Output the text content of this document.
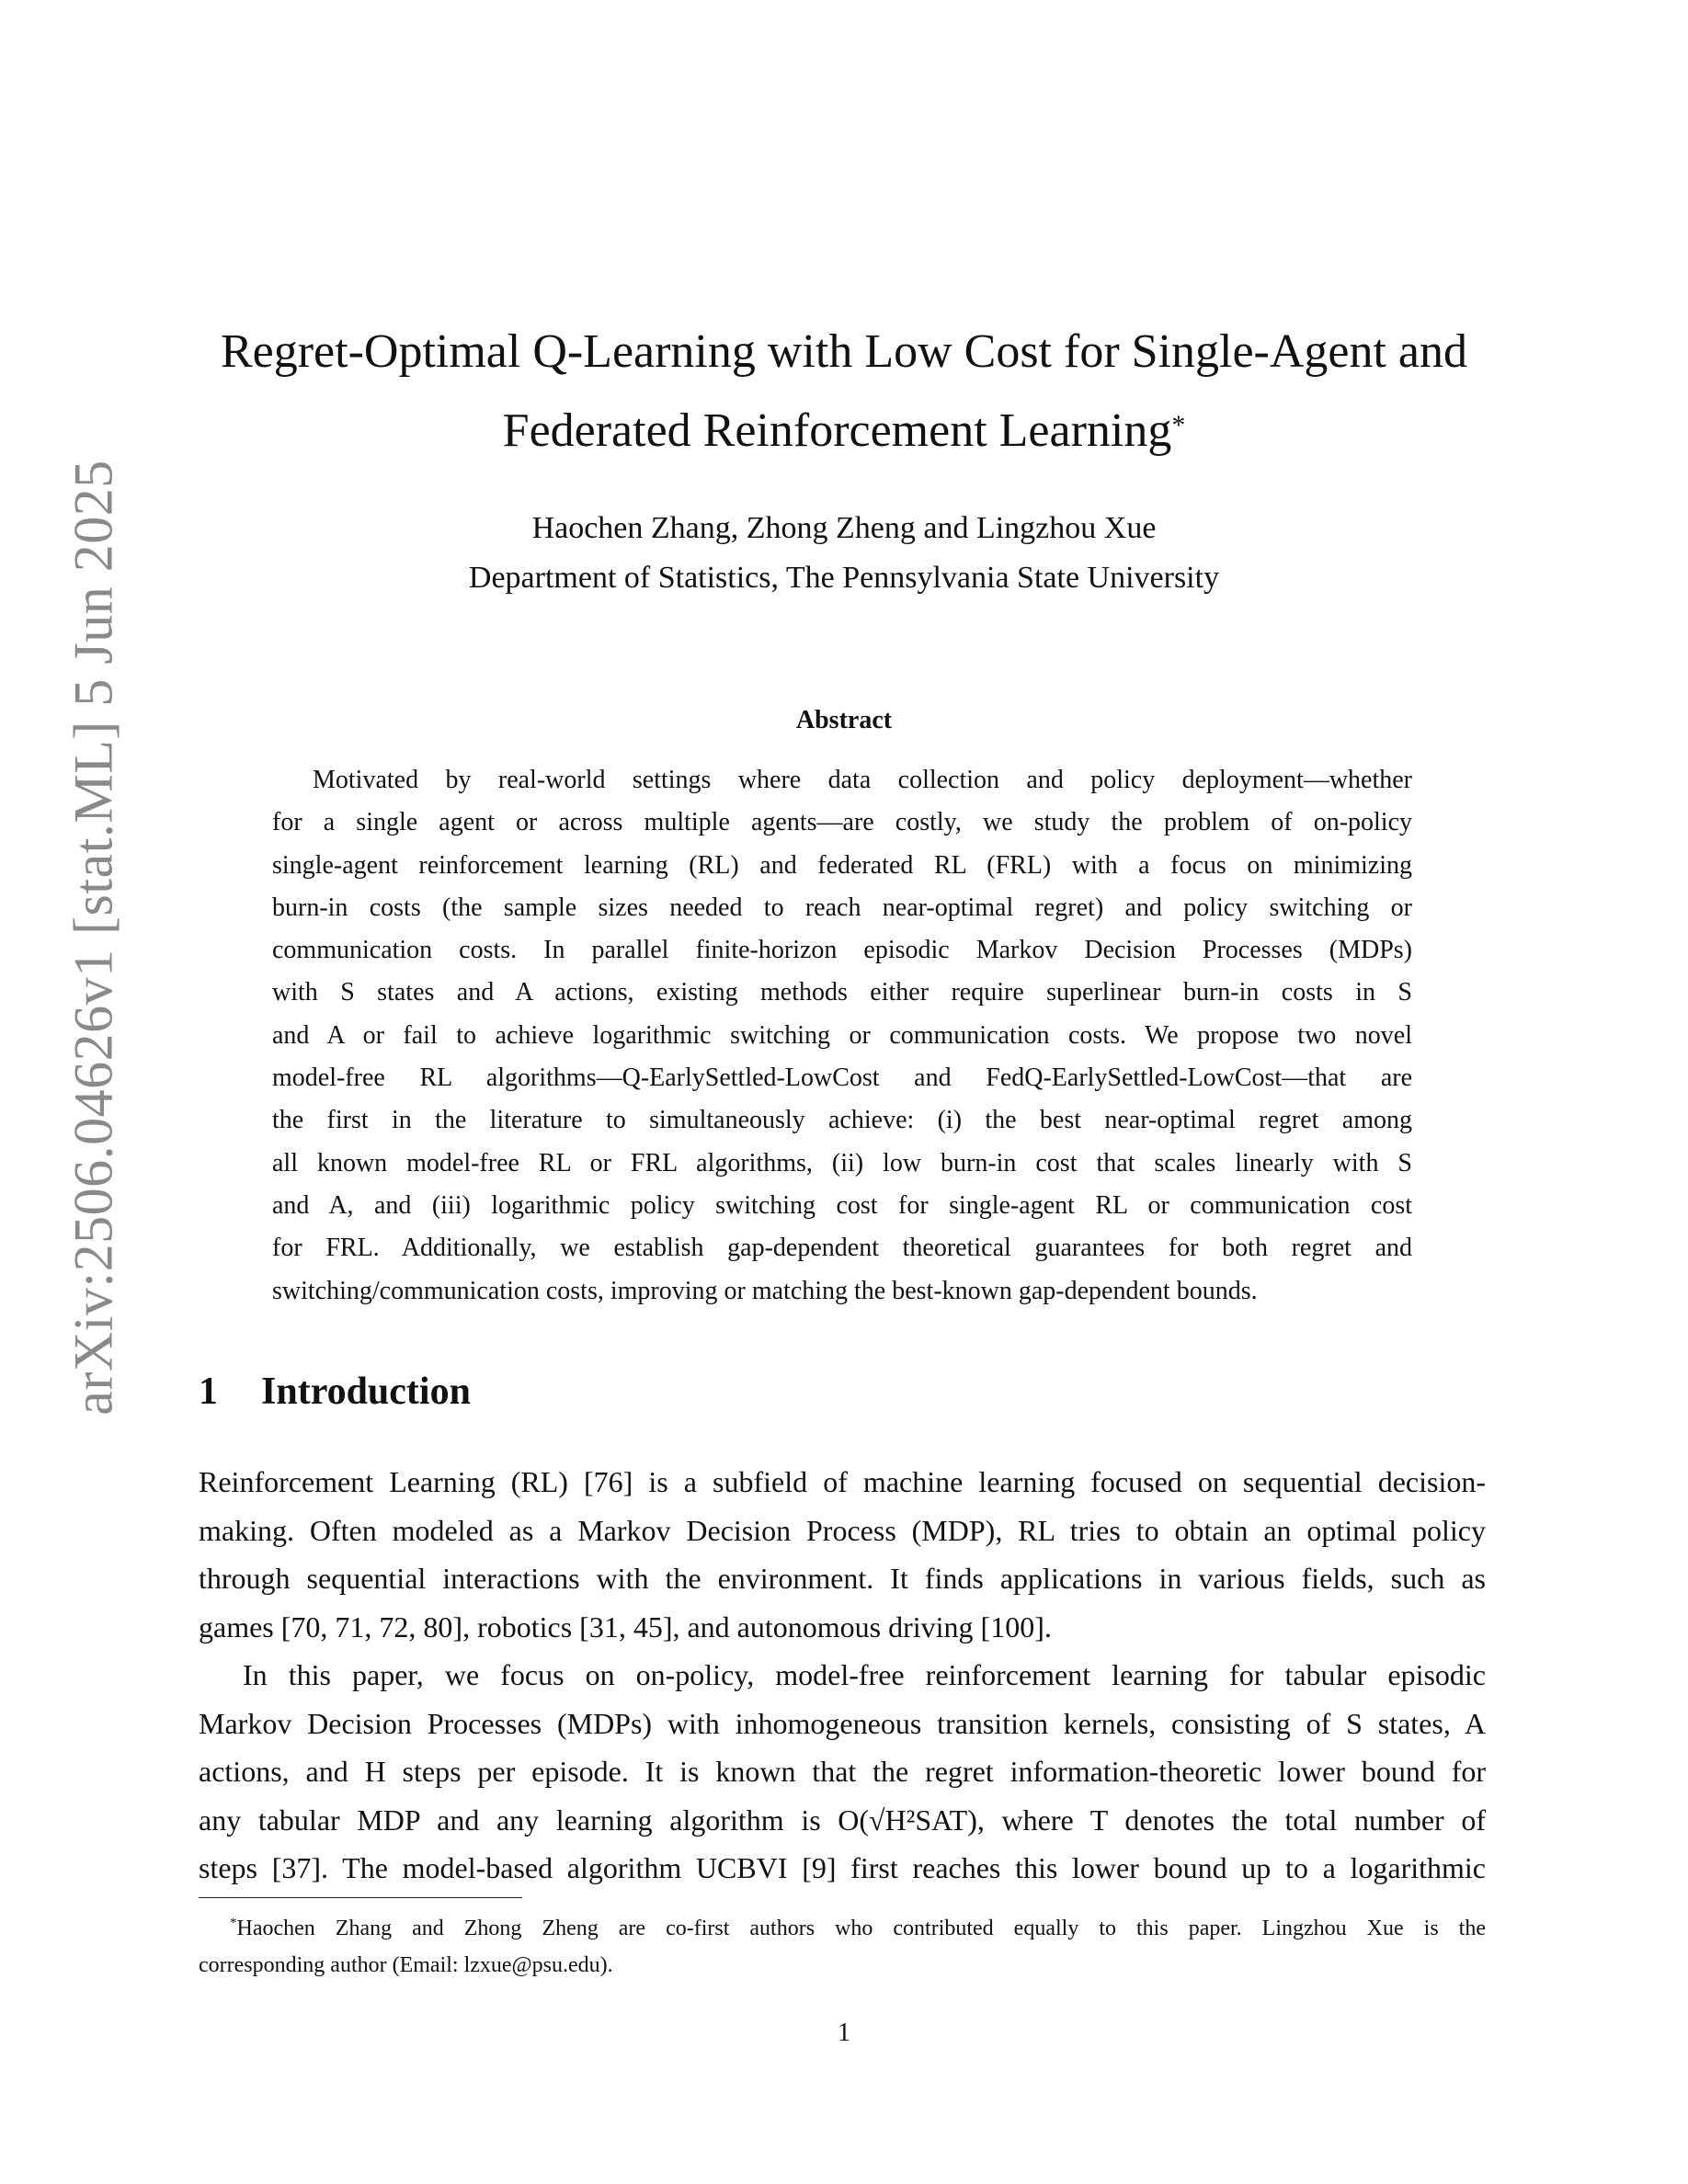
arXiv:2506.04626v1 [stat.ML] 5 Jun 2025
Regret-Optimal Q-Learning with Low Cost for Single-Agent and
Federated Reinforcement Learning*
Haochen Zhang, Zhong Zheng and Lingzhou Xue
Department of Statistics, The Pennsylvania State University
Abstract
Motivated by real-world settings where data collection and policy deployment—whether
for a single agent or across multiple agents—are costly, we study the problem of on-policy
single-agent reinforcement learning (RL) and federated RL (FRL) with a focus on minimizing
burn-in costs (the sample sizes needed to reach near-optimal regret) and policy switching or
communication costs. In parallel finite-horizon episodic Markov Decision Processes (MDPs)
with S states and A actions, existing methods either require superlinear burn-in costs in S
and A or fail to achieve logarithmic switching or communication costs. We propose two novel
model-free RL algorithms—Q-EarlySettled-LowCost and FedQ-EarlySettled-LowCost—that are
the first in the literature to simultaneously achieve: (i) the best near-optimal regret among
all known model-free RL or FRL algorithms, (ii) low burn-in cost that scales linearly with S
and A, and (iii) logarithmic policy switching cost for single-agent RL or communication cost
for FRL. Additionally, we establish gap-dependent theoretical guarantees for both regret and
switching/communication costs, improving or matching the best-known gap-dependent bounds.
1 Introduction
Reinforcement Learning (RL) [76] is a subfield of machine learning focused on sequential decision-
making. Often modeled as a Markov Decision Process (MDP), RL tries to obtain an optimal policy
through sequential interactions with the environment. It finds applications in various fields, such as
games [70, 71, 72, 80], robotics [31, 45], and autonomous driving [100].
In this paper, we focus on on-policy, model-free reinforcement learning for tabular episodic
Markov Decision Processes (MDPs) with inhomogeneous transition kernels, consisting of S states, A
actions, and H steps per episode. It is known that the regret information-theoretic lower bound for
any tabular MDP and any learning algorithm is O(√H²SAT), where T denotes the total number of
steps [37]. The model-based algorithm UCBVI [9] first reaches this lower bound up to a logarithmic
*Haochen Zhang and Zhong Zheng are co-first authors who contributed equally to this paper. Lingzhou Xue is the
corresponding author (Email: lzxue@psu.edu).
1
